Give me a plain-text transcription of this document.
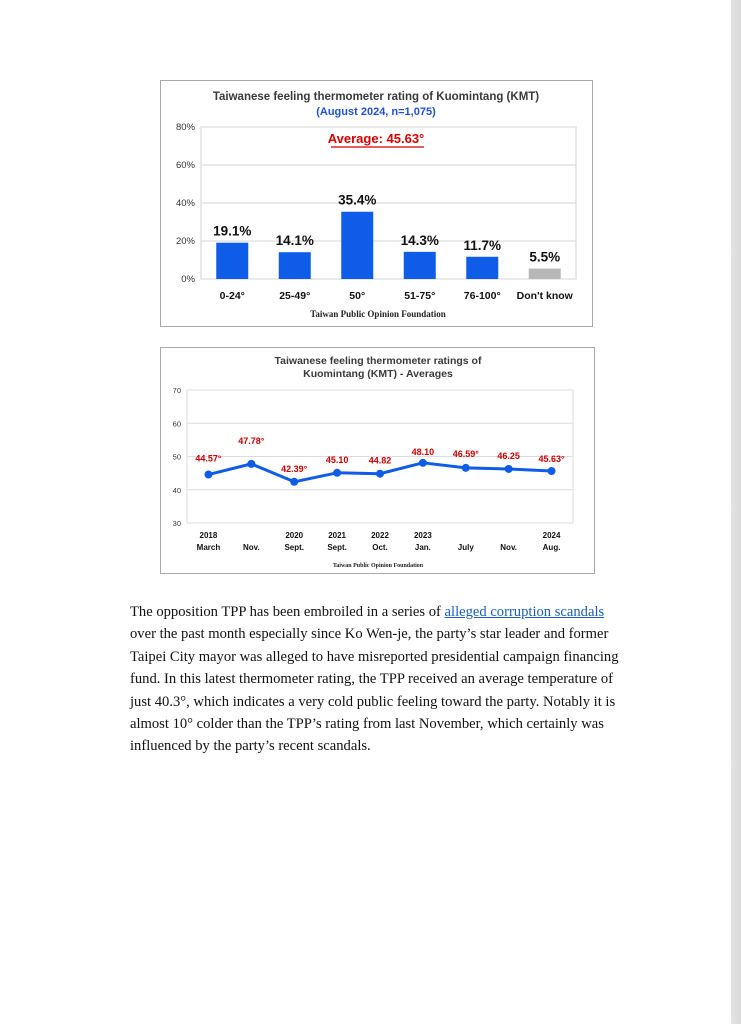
Taiwanese feeling thermometer rating of Kuomintang (KMT)
(August 2024, n=1,075)
0%
20%
40%
60%
80%
Average: 45.63°
19.1%
0-24°
14.1%
25-49°
35.4%
50°
14.3%
51-75°
11.7%
76-100°
5.5%
Don't know
Taiwan Public Opinion Foundation
Taiwanese feeling thermometer ratings of
Kuomintang (KMT) - Averages
30
40
50
60
70
44.57°
2018
March
47.78°
Nov.
42.39°
2020
Sept.
45.10
2021
Sept.
44.82
2022
Oct.
48.10
2023
Jan.
46.59°
July
46.25
Nov.
45.63°
2024
Aug.
Taiwan Public Opinion Foundation
The opposition TPP has been embroiled in a series of alleged corruption scandals over the past month especially since Ko Wen-je, the party’s star leader and former Taipei City mayor was alleged to have misreported presidential campaign financing fund. In this latest thermometer rating, the TPP received an average temperature of just 40.3°, which indicates a very cold public feeling toward the party. Notably it is almost 10° colder than the TPP’s rating from last November, which certainly was influenced by the party’s recent scandals.
